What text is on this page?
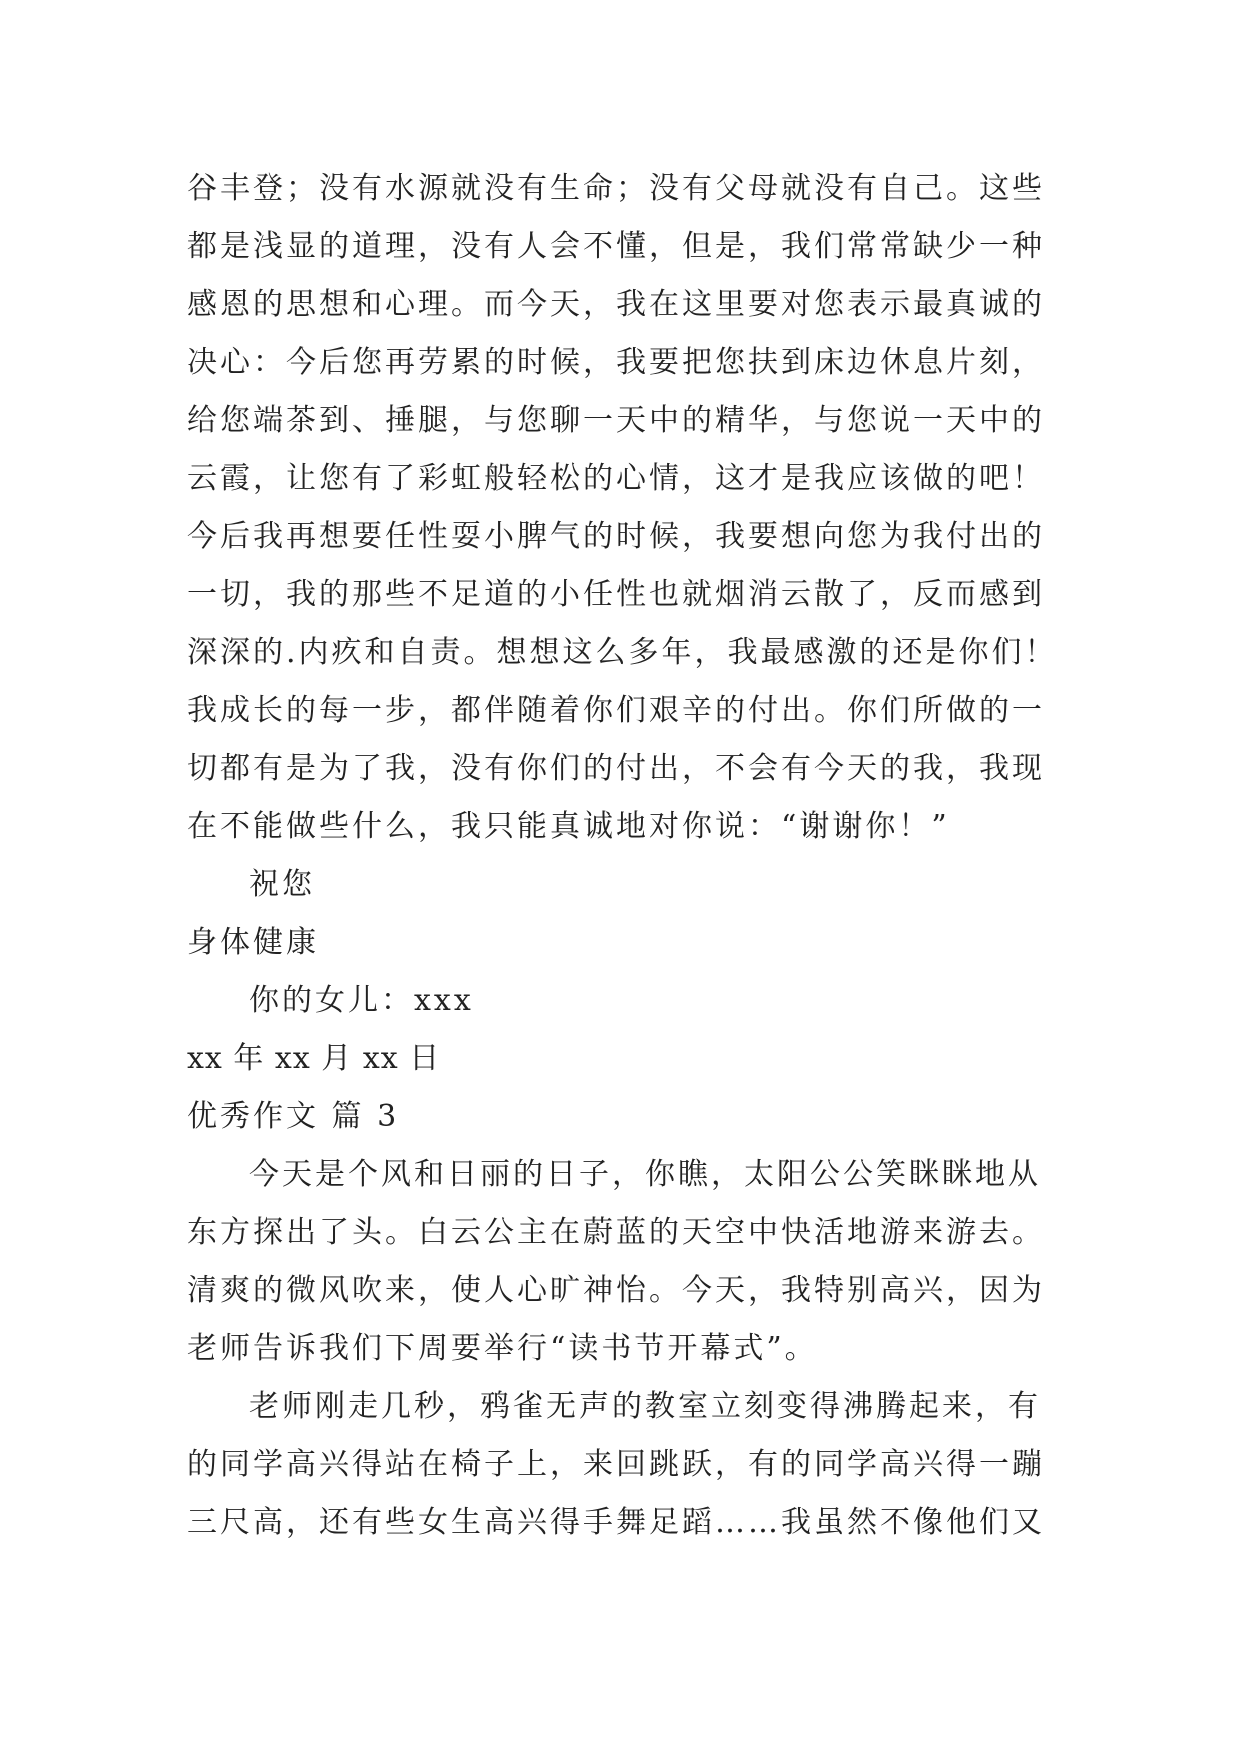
谷丰登；没有水源就没有生命；没有父母就没有自己。这些
都是浅显的道理，没有人会不懂，但是，我们常常缺少一种
感恩的思想和心理。而今天，我在这里要对您表示最真诚的
决心：今后您再劳累的时候，我要把您扶到床边休息片刻，
给您端茶到、捶腿，与您聊一天中的精华，与您说一天中的
云霞，让您有了彩虹般轻松的心情，这才是我应该做的吧！
今后我再想要任性耍小脾气的时候，我要想向您为我付出的
一切，我的那些不足道的小任性也就烟消云散了，反而感到
深深的.内疚和自责。想想这么多年，我最感激的还是你们！
我成长的每一步，都伴随着你们艰辛的付出。你们所做的一
切都有是为了我，没有你们的付出，不会有今天的我，我现
在不能做些什么，我只能真诚地对你说：“谢谢你！”
祝您
身体健康
你的女儿：xxx
xx 年 xx 月 xx 日
优秀作文 篇 3
今天是个风和日丽的日子，你瞧，太阳公公笑眯眯地从
东方探出了头。白云公主在蔚蓝的天空中快活地游来游去。
清爽的微风吹来，使人心旷神怡。今天，我特别高兴，因为
老师告诉我们下周要举行“读书节开幕式”。
老师刚走几秒，鸦雀无声的教室立刻变得沸腾起来，有
的同学高兴得站在椅子上，来回跳跃，有的同学高兴得一蹦
三尺高，还有些女生高兴得手舞足蹈……我虽然不像他们又
